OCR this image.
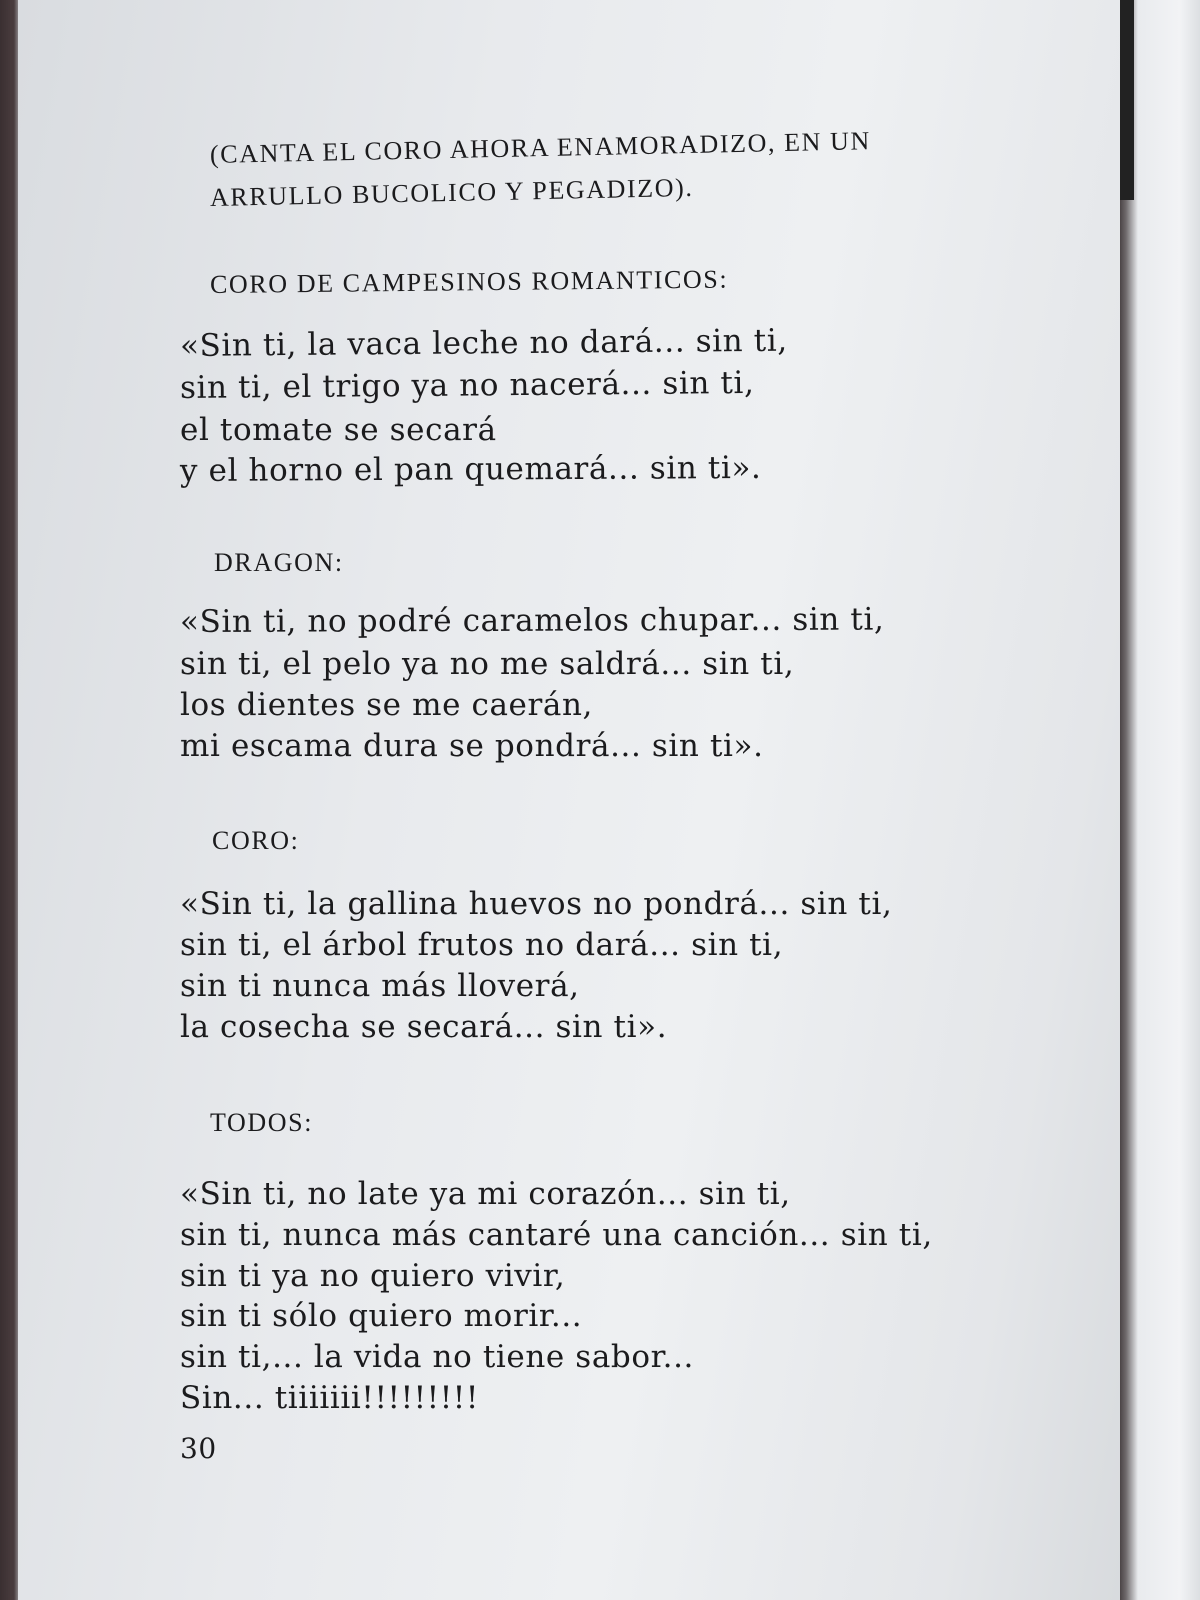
(CANTA EL CORO AHORA ENAMORADIZO, EN UN
ARRULLO BUCOLICO Y PEGADIZO).
CORO DE CAMPESINOS ROMANTICOS:
«Sin ti, la vaca leche no dará... sin ti,
sin ti, el trigo ya no nacerá... sin ti,
el tomate se secará
y el horno el pan quemará... sin ti».
DRAGON:
«Sin ti, no podré caramelos chupar... sin ti,
sin ti, el pelo ya no me saldrá... sin ti,
los dientes se me caerán,
mi escama dura se pondrá... sin ti».
CORO:
«Sin ti, la gallina huevos no pondrá... sin ti,
sin ti, el árbol frutos no dará... sin ti,
sin ti nunca más lloverá,
la cosecha se secará... sin ti».
TODOS:
«Sin ti, no late ya mi corazón... sin ti,
sin ti, nunca más cantaré una canción... sin ti,
sin ti ya no quiero vivir,
sin ti sólo quiero morir...
sin ti,... la vida no tiene sabor...
Sin... tiiiiiii!!!!!!!!!
30
